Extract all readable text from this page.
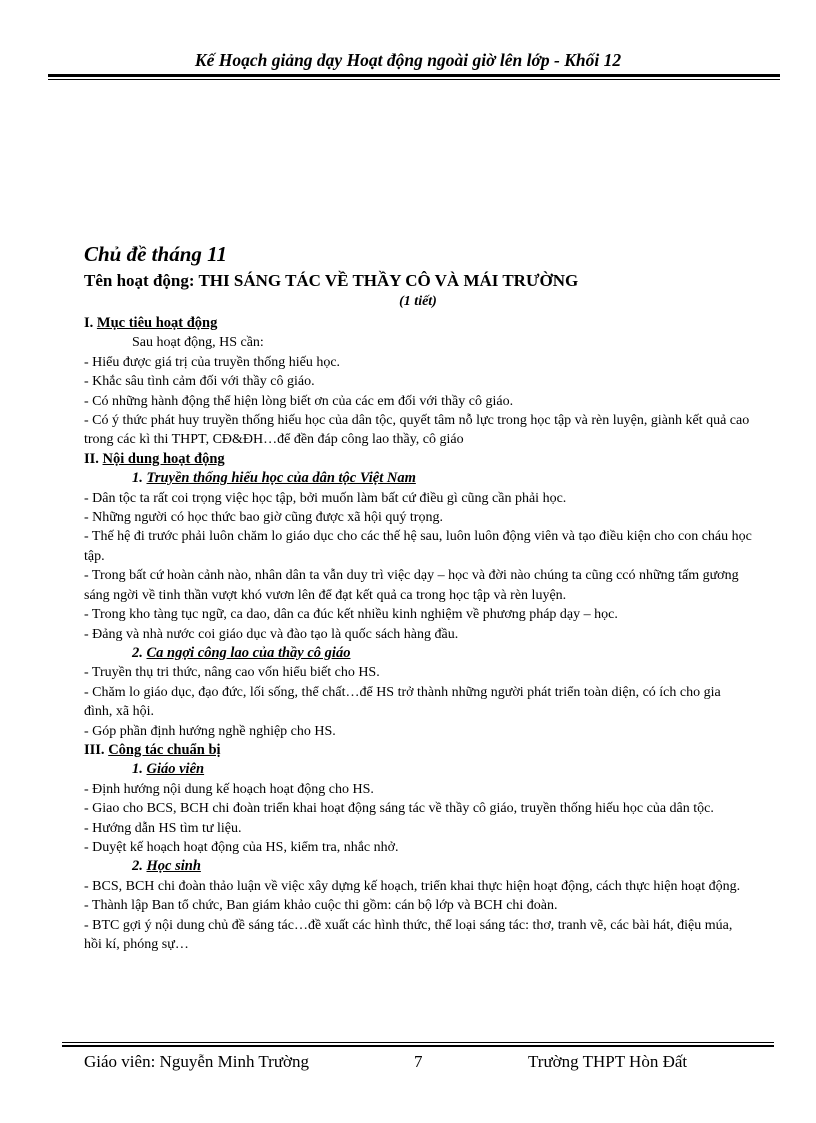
Kế Hoạch giảng dạy Hoạt động ngoài giờ lên lớp - Khối 12
Chủ đề tháng 11
Tên hoạt động: THI SÁNG TÁC VỀ THẦY CÔ VÀ MÁI TRƯỜNG
(1 tiết)
I. Mục tiêu hoạt động
Sau hoạt động, HS cần:
- Hiểu được giá trị của truyền thống hiếu học.
- Khắc sâu tình cảm đối với thầy cô giáo.
- Có những hành động thể hiện lòng biết ơn của các em đối với thầy cô giáo.
- Có ý thức phát huy truyền thống hiếu học của dân tộc, quyết tâm nỗ lực trong học tập và rèn luyện, giành kết quả cao trong các kì thi THPT, CĐ&ĐH…để đền đáp công lao thầy, cô giáo
II. Nội dung hoạt động
1. Truyền thống hiếu học của dân tộc Việt Nam
- Dân tộc ta rất coi trọng việc học tập, bởi muốn làm bất cứ điều gì cũng cần phải học.
- Những người có học thức bao giờ cũng được xã hội quý trọng.
- Thế hệ đi trước phải luôn chăm lo giáo dục cho các thế hệ sau, luôn luôn động viên và tạo điều kiện cho con cháu học tập.
- Trong bất cứ hoàn cảnh nào, nhân dân ta vẫn duy trì việc dạy – học và đời nào chúng ta cũng ccó những tấm gương sáng ngời về tinh thần vượt khó vươn lên để đạt kết quả ca trong học tập và rèn luyện.
- Trong kho tàng tục ngữ, ca dao, dân ca đúc kết nhiều kinh nghiệm về phương pháp dạy – học.
- Đảng và nhà nước coi giáo dục và đào tạo là quốc sách hàng đầu.
2. Ca ngợi công lao của thầy cô giáo
- Truyền thụ tri thức, nâng cao vốn hiểu biết cho HS.
- Chăm lo giáo dục, đạo đức, lối sống, thể chất…để HS trở thành những người phát triển toàn diện, có ích cho gia đình, xã hội.
- Góp phần định hướng nghề nghiệp cho HS.
III. Công tác chuẩn bị
1. Giáo viên
- Định hướng nội dung kế hoạch hoạt động cho HS.
- Giao cho BCS, BCH chi đoàn triển khai hoạt động sáng tác về thầy cô giáo, truyền thống hiếu học của dân tộc.
- Hướng dẫn HS tìm tư liệu.
- Duyệt kế hoạch hoạt động của HS, kiểm tra, nhắc nhở.
2. Học sinh
- BCS, BCH chi đoàn thảo luận về việc xây dựng kế hoạch, triển khai thực hiện hoạt động, cách thực hiện hoạt động.
- Thành lập Ban tổ chức, Ban giám khảo cuộc thi gồm: cán bộ lớp và BCH chi đoàn.
- BTC gợi ý nội dung chủ đề sáng tác…đề xuất các hình thức, thể loại sáng tác: thơ, tranh vẽ, các bài hát, điệu múa, hồi kí, phóng sự…
Giáo viên: Nguyễn Minh Trường	7	Trường THPT Hòn Đất
